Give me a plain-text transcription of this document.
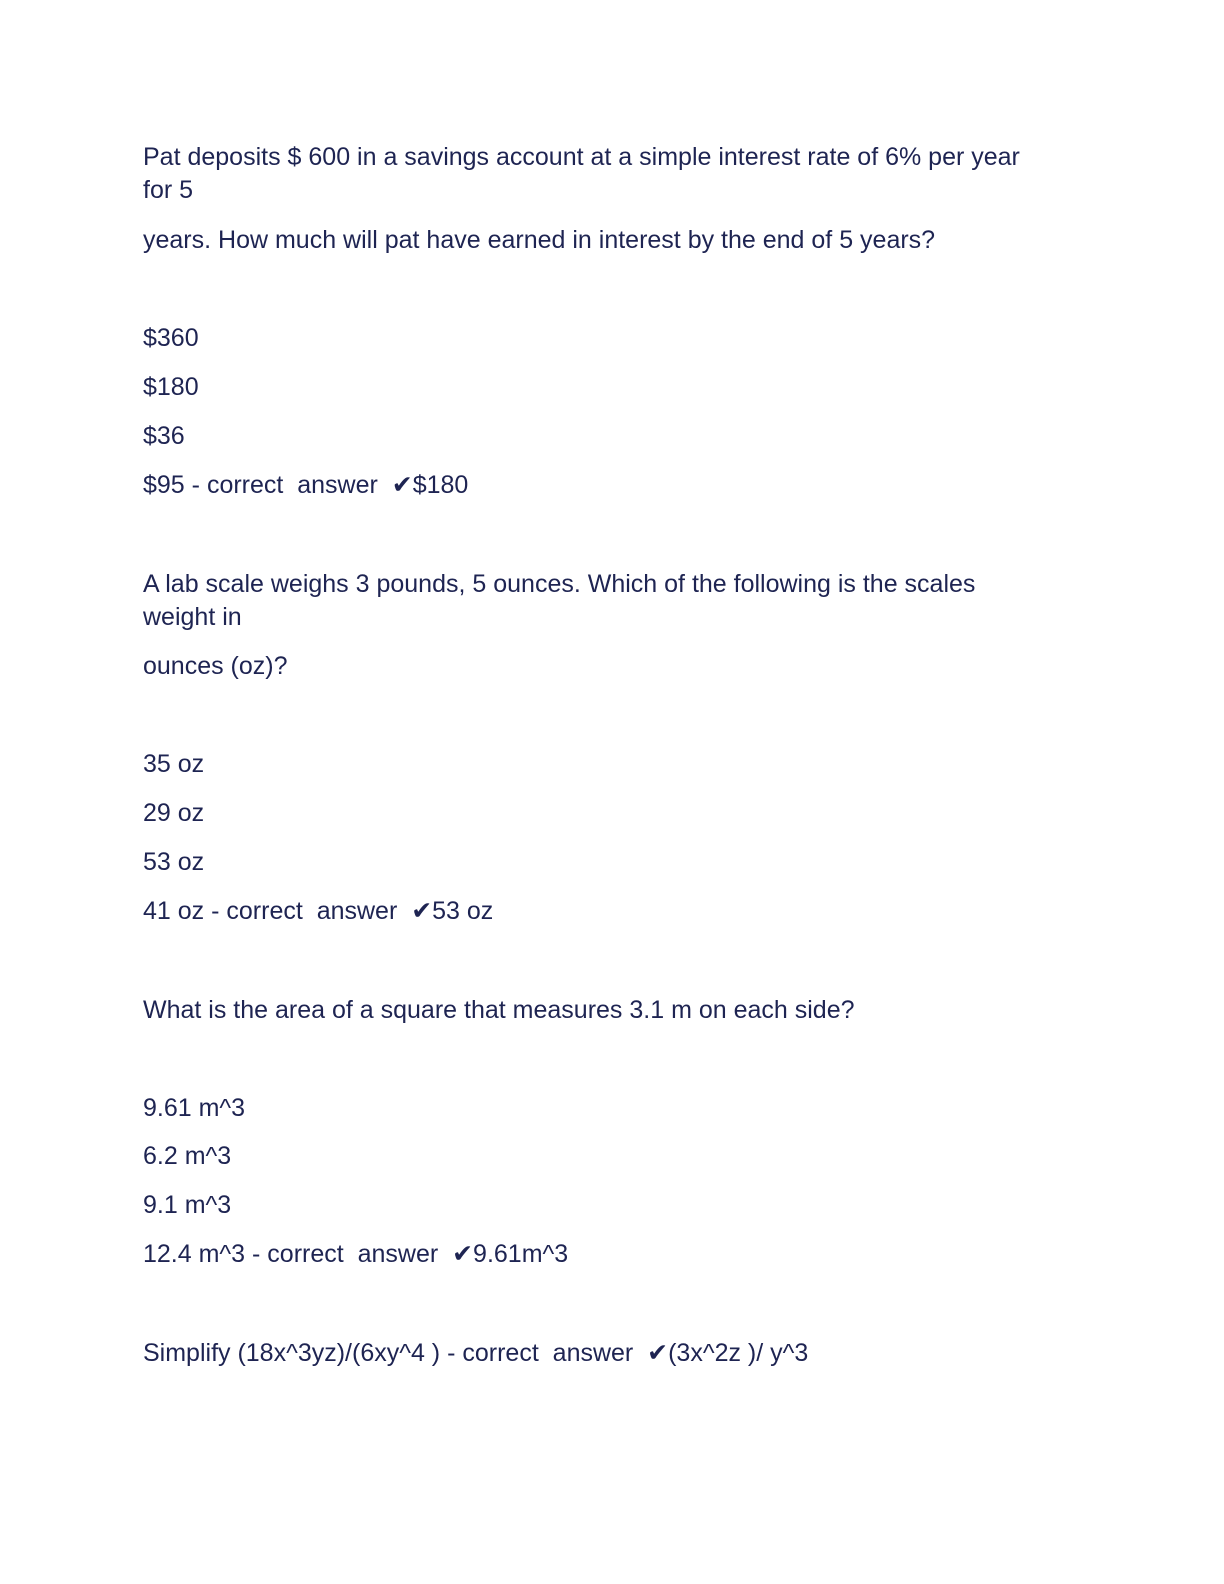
Pat deposits $ 600 in a savings account at a simple interest rate of 6% per year for 5
years. How much will pat have earned in interest by the end of 5 years?
$360
$180
$36
$95 - correct  answer  ✔$180
A lab scale weighs 3 pounds, 5 ounces. Which of the following is the scales weight in
ounces (oz)?
35 oz
29 oz
53 oz
41 oz - correct  answer  ✔53 oz
What is the area of a square that measures 3.1 m on each side?
9.61 m^3
6.2 m^3
9.1 m^3
12.4 m^3 - correct  answer  ✔9.61m^3
Simplify (18x^3yz)/(6xy^4 ) - correct  answer  ✔(3x^2z )/ y^3
